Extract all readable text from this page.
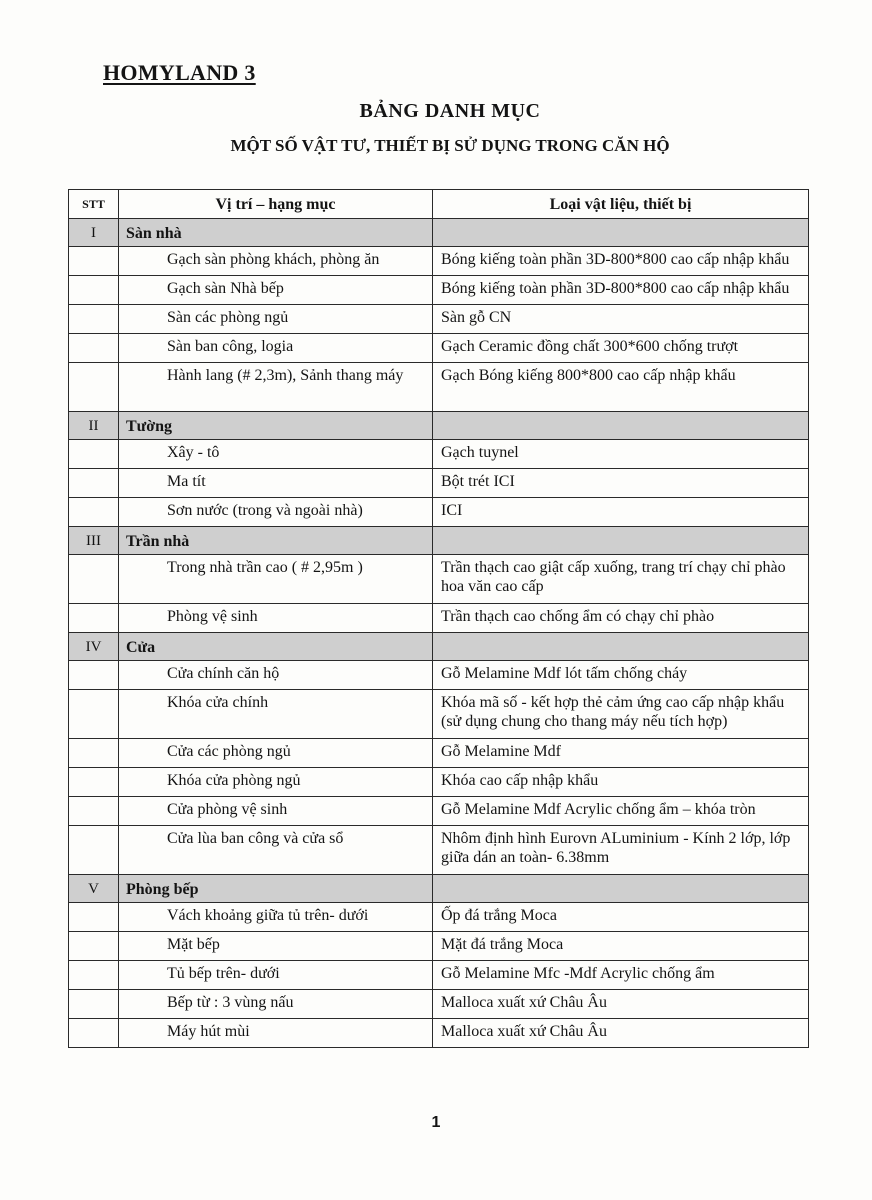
HOMYLAND 3
BẢNG DANH MỤC
MỘT SỐ VẬT TƯ, THIẾT BỊ SỬ DỤNG TRONG CĂN HỘ
STT	Vị trí – hạng mục	Loại vật liệu, thiết bị
I	Sàn nhà	
	Gạch sàn phòng khách, phòng ăn	Bóng kiếng toàn phần 3D-800*800 cao cấp nhập khẩu
	Gạch sàn Nhà bếp	Bóng kiếng toàn phần 3D-800*800 cao cấp nhập khẩu
	Sàn các phòng ngủ	Sàn gỗ CN
	Sàn ban công, logia	Gạch Ceramic đồng chất 300*600 chống trượt
	Hành lang (# 2,3m), Sảnh thang máy	Gạch Bóng kiếng 800*800 cao cấp nhập khẩu
II	Tường	
	Xây - tô	Gạch tuynel
	Ma tít	Bột trét ICI
	Sơn nước (trong và ngoài nhà)	ICI
III	Trần nhà	
	Trong nhà trần cao ( # 2,95m )	Trần thạch cao giật cấp xuống, trang trí chạy chỉ phào hoa văn cao cấp
	Phòng vệ sinh	Trần thạch cao chống ẩm có chạy chỉ phào
IV	Cửa	
	Cửa chính căn hộ	Gỗ Melamine Mdf lót tấm chống cháy
	Khóa cửa chính	Khóa mã số - kết hợp thẻ cảm ứng cao cấp nhập khẩu (sử dụng chung cho thang máy nếu tích hợp)
	Cửa các phòng ngủ	Gỗ Melamine Mdf
	Khóa cửa phòng ngủ	Khóa cao cấp nhập khẩu
	Cửa phòng vệ sinh	Gỗ Melamine Mdf Acrylic chống ẩm – khóa tròn
	Cửa lùa ban công và cửa sổ	Nhôm định hình Eurovn ALuminium - Kính 2 lớp, lớp giữa dán an toàn- 6.38mm
V	Phòng bếp	
	Vách khoảng giữa tủ trên- dưới	Ốp đá trắng Moca
	Mặt bếp	Mặt đá trắng Moca
	Tủ bếp trên- dưới	Gỗ Melamine Mfc -Mdf Acrylic chống ẩm
	Bếp từ : 3 vùng nấu	Malloca xuất xứ Châu Âu
	Máy hút mùi	Malloca xuất xứ Châu Âu
1
